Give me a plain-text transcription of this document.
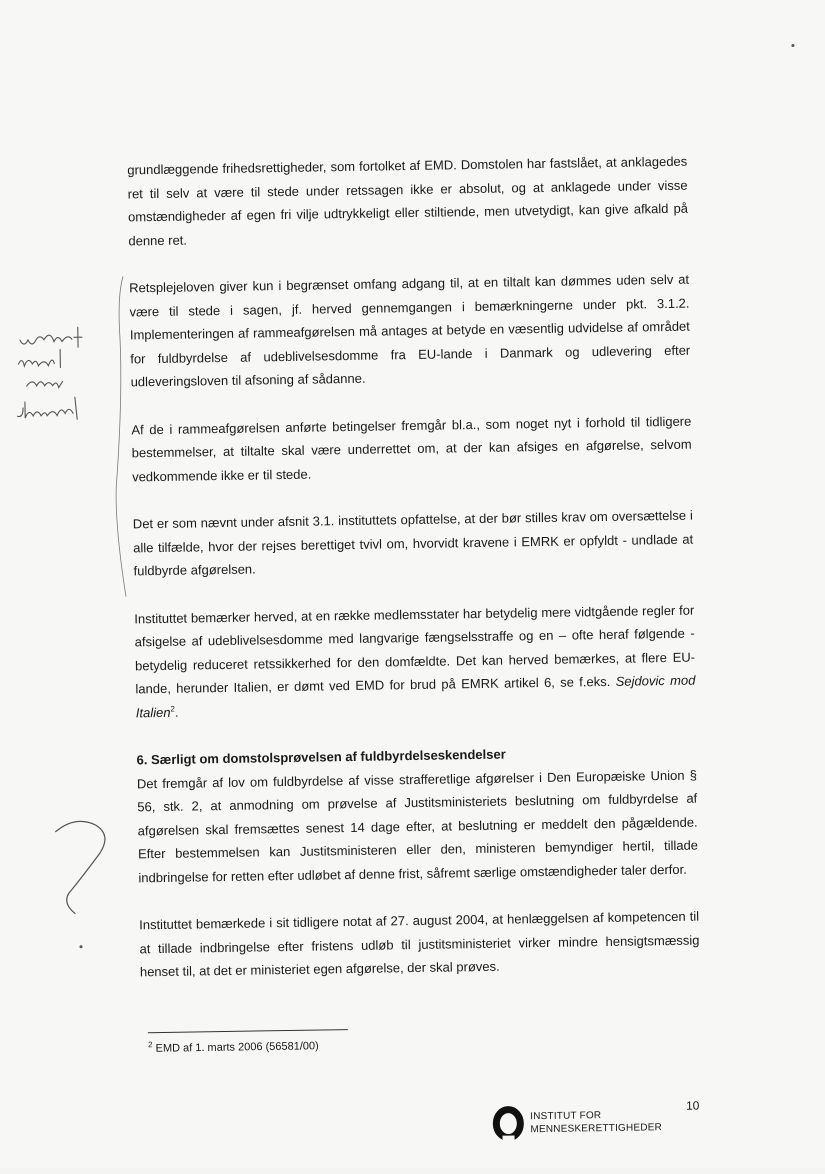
grundlæggende frihedsrettigheder, som fortolket af EMD. Domstolen har fastslået, at anklagedes ret til selv at være til stede under retssagen ikke er absolut, og at anklagede under visse omstændigheder af egen fri vilje udtrykkeligt eller stiltiende, men utvetydigt, kan give afkald på denne ret.

Retsplejeloven giver kun i begrænset omfang adgang til, at en tiltalt kan dømmes uden selv at være til stede i sagen, jf. herved gennemgangen i bemærkningerne under pkt. 3.1.2. Implementeringen af rammeafgørelsen må antages at betyde en væsentlig udvidelse af området for fuldbyrdelse af udeblivelsesdomme fra EU-lande i Danmark og udlevering efter udleveringsloven til afsoning af sådanne.

Af de i rammeafgørelsen anførte betingelser fremgår bl.a., som noget nyt i forhold til tidligere bestemmelser, at tiltalte skal være underrettet om, at der kan afsiges en afgørelse, selvom vedkommende ikke er til stede.

Det er som nævnt under afsnit 3.1. instituttets opfattelse, at der bør stilles krav om oversættelse i alle tilfælde, hvor der rejses berettiget tvivl om, hvorvidt kravene i EMRK er opfyldt - undlade at fuldbyrde afgørelsen.

Instituttet bemærker herved, at en række medlemsstater har betydelig mere vidtgående regler for afsigelse af udeblivelsesdomme med langvarige fængselsstraffe og en – ofte heraf følgende - betydelig reduceret retssikkerhed for den domfældte. Det kan herved bemærkes, at flere EU-lande, herunder Italien, er dømt ved EMD for brud på EMRK artikel 6, se f.eks. Sejdovic mod Italien$^2$.

6. Særligt om domstolsprøvelsen af fuldbyrdelseskendelser

Det fremgår af lov om fuldbyrdelse af visse strafferetlige afgørelser i Den Europæiske Union § 56, stk. 2, at anmodning om prøvelse af Justitsministeriets beslutning om fuldbyrdelse af afgørelsen skal fremsættes senest 14 dage efter, at beslutning er meddelt den pågældende. Efter bestemmelsen kan Justitsministeren eller den, ministeren bemyndiger hertil, tillade indbringelse for retten efter udløbet af denne frist, såfremt særlige omstændigheder taler derfor.

Instituttet bemærkede i sit tidligere notat af 27. august 2004, at henlæggelsen af kompetencen til at tillade indbringelse efter fristens udløb til justitsministeriet virker mindre hensigtsmæssig henset til, at det er ministeriet egen afgørelse, der skal prøves.

$^2$ EMD af 1. marts 2006 (56581/00)
INSTITUT FOR
MENNESKERETTIGHEDER
10
